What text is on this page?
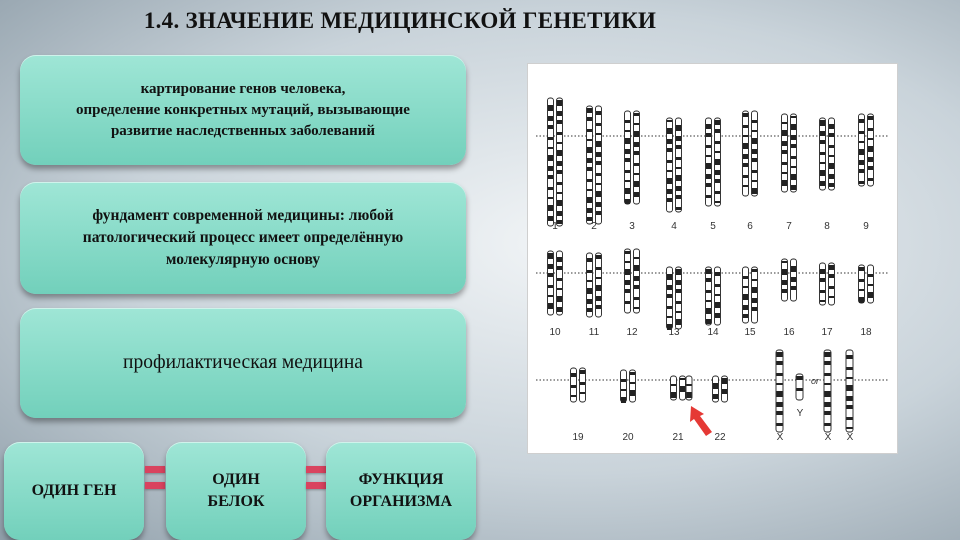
1.4. ЗНАЧЕНИЕ МЕДИЦИНСКОЙ ГЕНЕТИКИ
картирование генов человека,
определение конкретных мутаций, вызывающие
развитие наследственных заболеваний
фундамент современной медицины: любой
патологический процесс имеет определённую
молекулярную основу
профилактическая медицина
ОДИН ГЕН
ОДИН
БЕЛОК
ФУНКЦИЯ
ОРГАНИЗМА
1	2	3	4	5	6	7	8	9
10	11	12	13	14	15	16	17	18
19	20	21	22	X
Y
or
X X
